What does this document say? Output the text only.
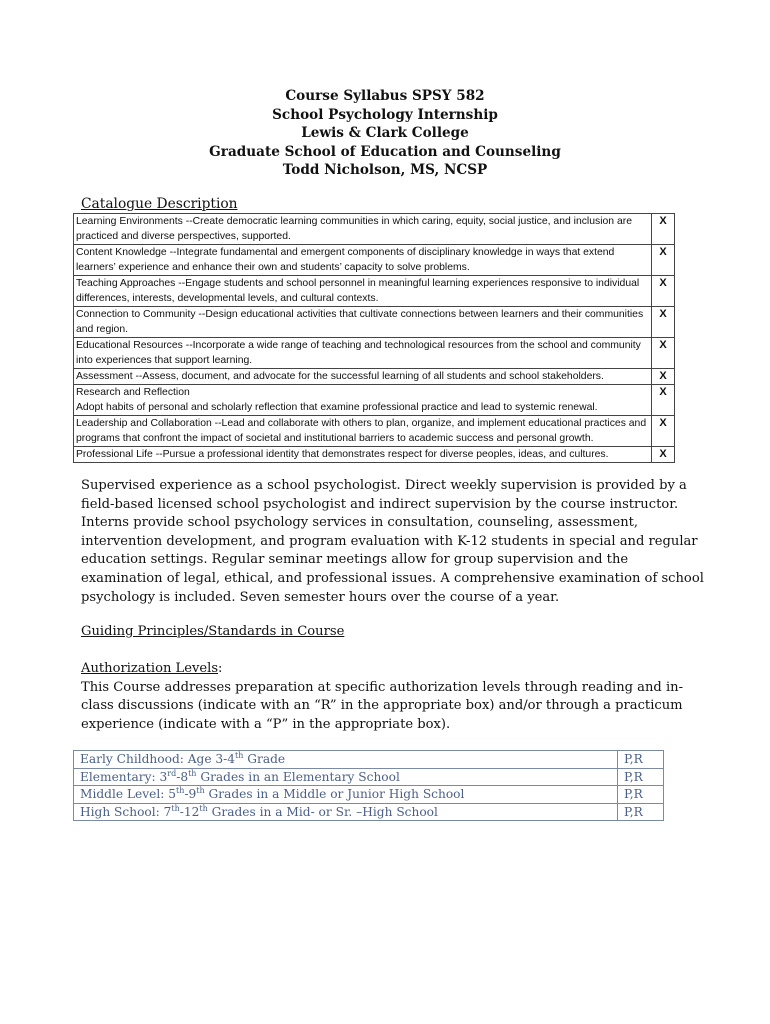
Course Syllabus SPSY 582
School Psychology Internship
Lewis & Clark College
Graduate School of Education and Counseling
Todd Nicholson, MS, NCSP
Catalogue Description
Learning Environments --Create democratic learning communities in which caring, equity, social justice, and inclusion are practiced and diverse perspectives, supported.	X
Content Knowledge --Integrate fundamental and emergent components of disciplinary knowledge in ways that extend learners’ experience and enhance their own and students’ capacity to solve problems.	X
Teaching Approaches --Engage students and school personnel in meaningful learning experiences responsive to individual differences, interests, developmental levels, and cultural contexts.	X
Connection to Community --Design educational activities that cultivate connections between learners and their communities and region.	X
Educational Resources --Incorporate a wide range of teaching and technological resources from the school and community into experiences that support learning.	X
Assessment --Assess, document, and advocate for the successful learning of all students and school stakeholders.	X

Research and Reflection
Adopt habits of personal and scholarly reflection that examine professional practice and lead to systemic renewal.	X
Leadership and Collaboration --Lead and collaborate with others to plan, organize, and implement educational practices and programs that confront the impact of societal and institutional barriers to academic success and personal growth.	X
Professional Life --Pursue a professional identity that demonstrates respect for diverse peoples, ideas, and cultures.	X

Supervised experience as a school psychologist. Direct weekly supervision is provided by a field-based licensed school psychologist and indirect supervision by the course instructor. Interns provide school psychology services in consultation, counseling, assessment, intervention development, and program evaluation with K-12 students in special and regular education settings. Regular seminar meetings allow for group supervision and the examination of legal, ethical, and professional issues. A comprehensive examination of school psychology is included. Seven semester hours over the course of a year.

Guiding Principles/Standards in Course
Authorization Levels:
This Course addresses preparation at specific authorization levels through reading and in-class discussions (indicate with an “R” in the appropriate box) and/or through a practicum experience (indicate with a “P” in the appropriate box).
Early Childhood: Age 3-4th Grade	P,R
Elementary: 3rd-8th Grades in an Elementary School	P,R
Middle Level: 5th-9th Grades in a Middle or Junior High School	P,R
High School: 7th-12th Grades in a Mid- or Sr. –High School	P,R
